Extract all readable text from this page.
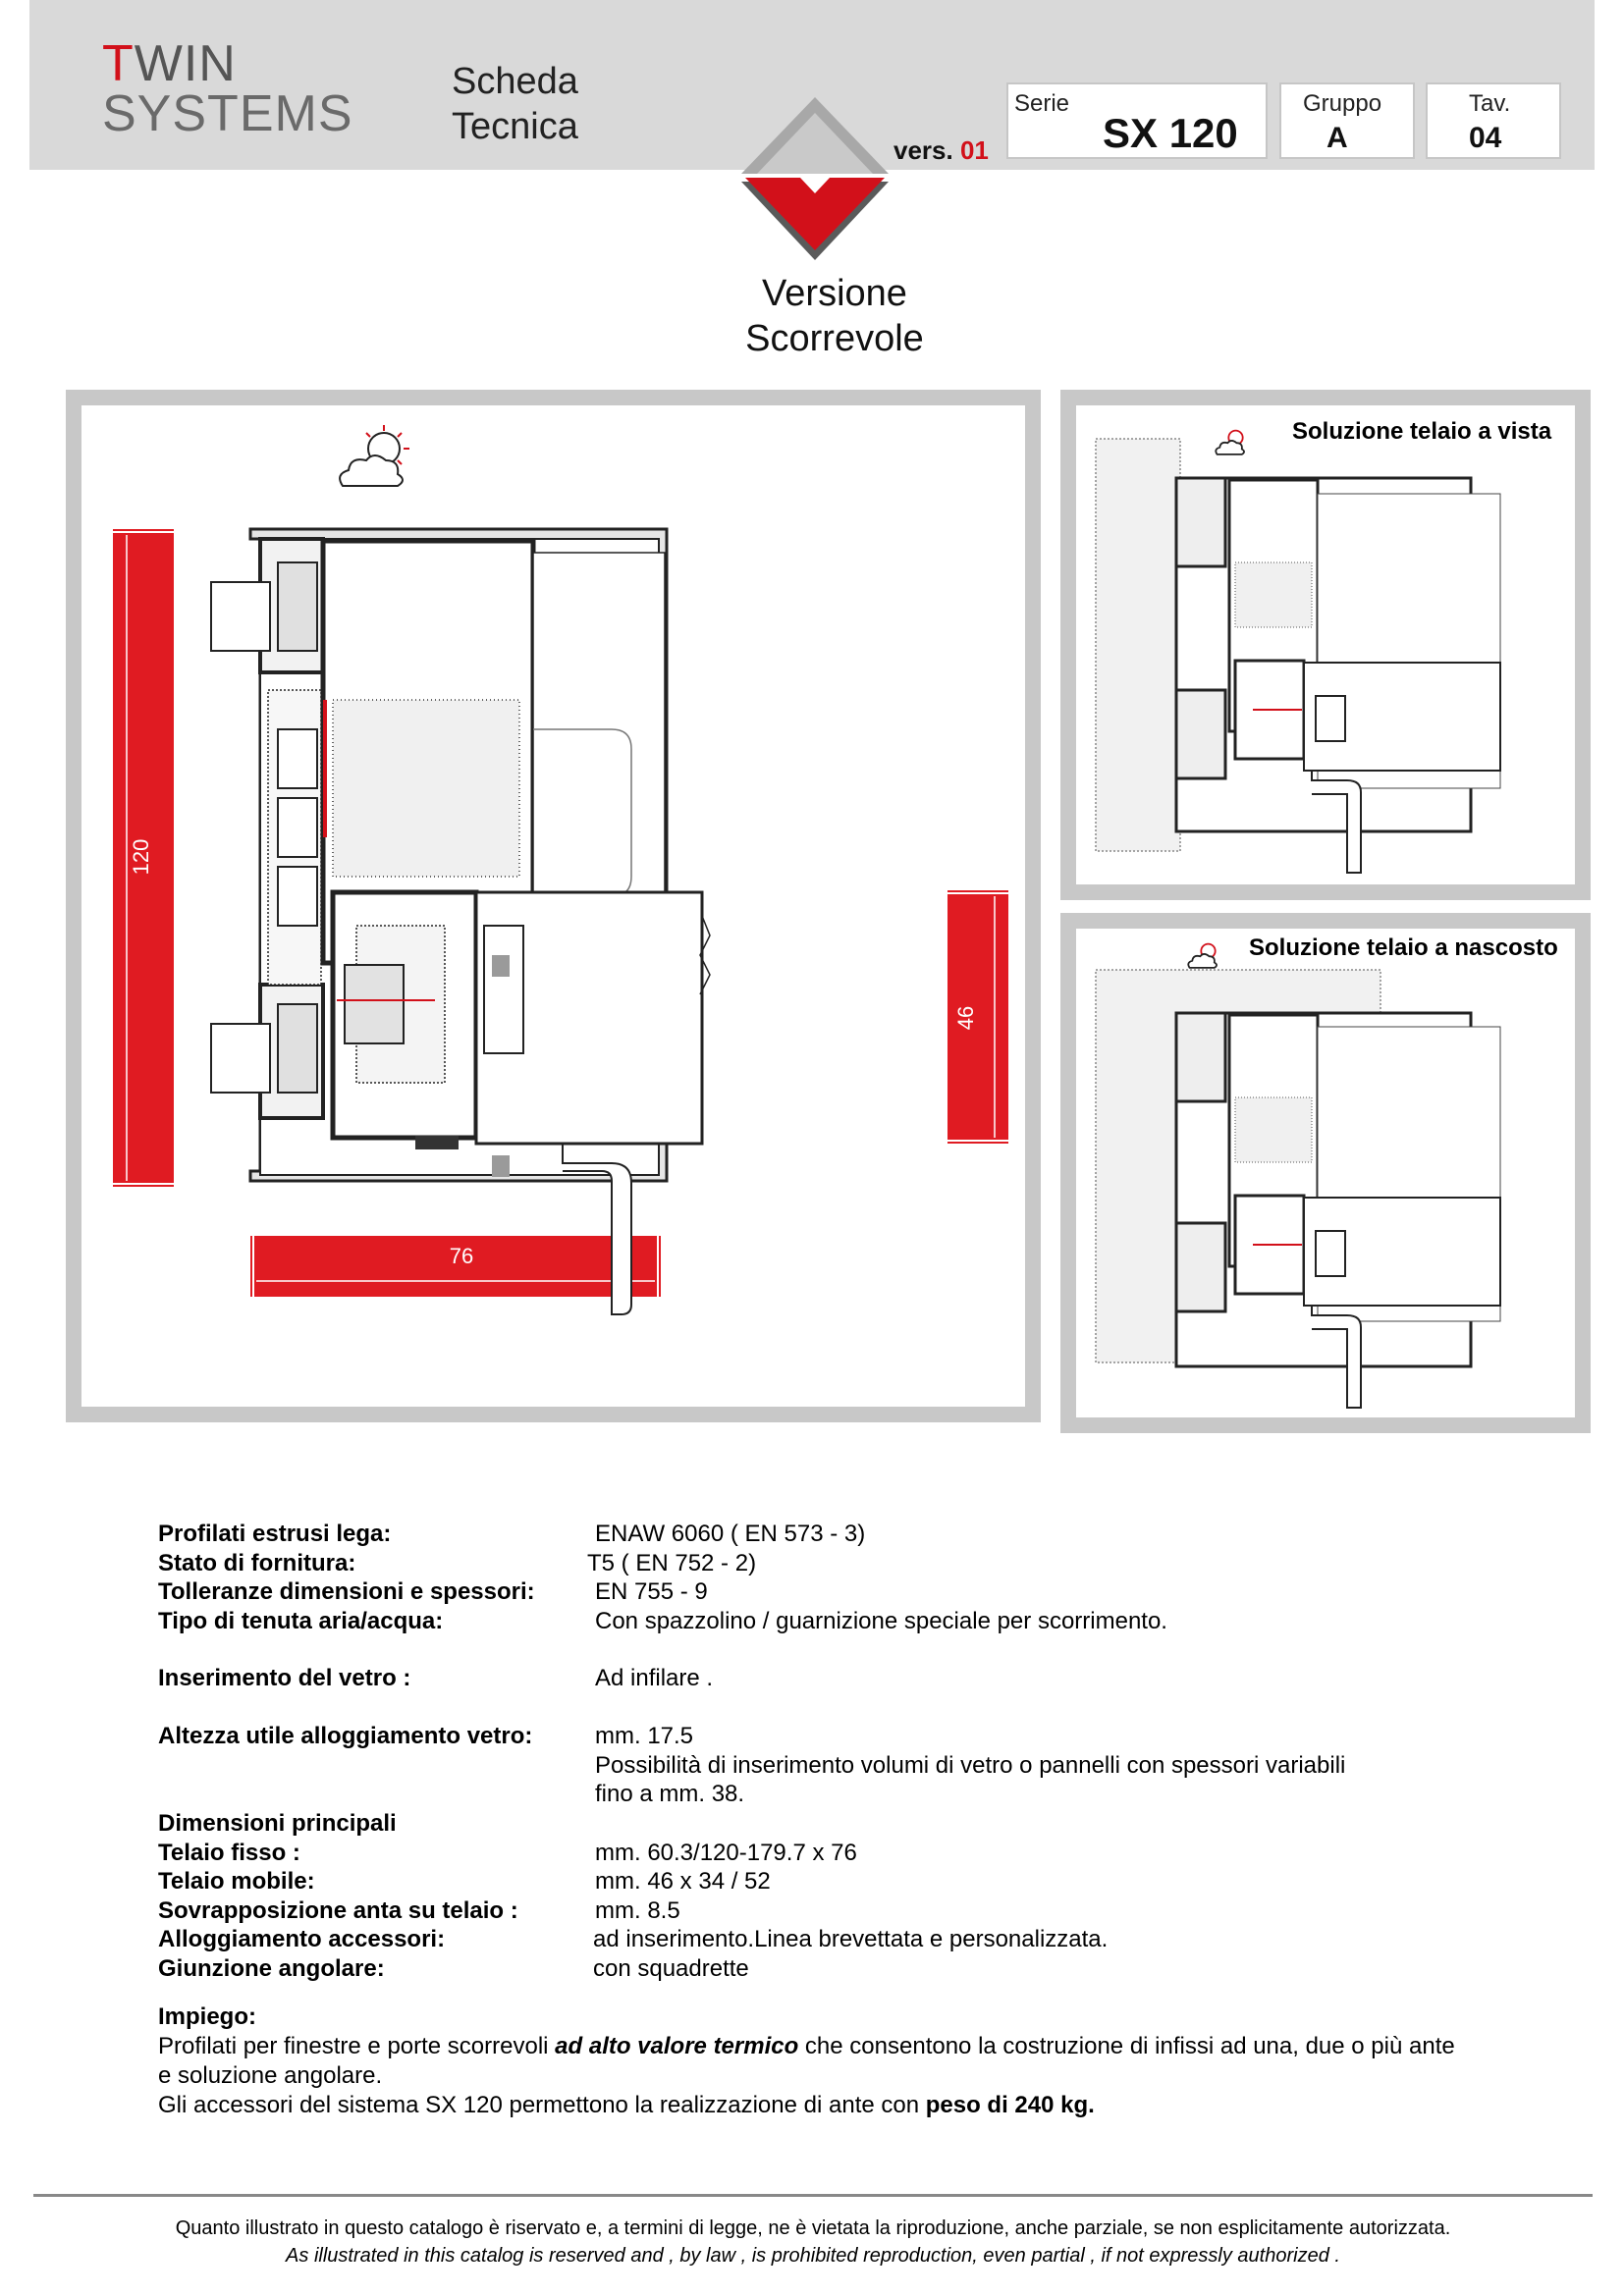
TWIN
SYSTEMS
Scheda
Tecnica
vers. 01
Serie
SX 120
Gruppo
A
Tav.
04
Versione
Scorrevole
120
46
76
Soluzione telaio a vista
Soluzione telaio a nascosto
Profilati estrusi lega:	ENAW 6060 ( EN 573 - 3)
Stato di fornitura:	T5 ( EN 752 - 2)
Tolleranze dimensioni e spessori:	EN 755 - 9
Tipo di tenuta aria/acqua:	Con spazzolino / guarnizione speciale per scorrimento.
Inserimento del vetro :	Ad infilare .
Altezza utile alloggiamento vetro:	mm. 17.5
Possibilità di inserimento volumi di vetro o pannelli con spessori variabili
fino a mm. 38.
Dimensioni principali
Telaio fisso :	mm. 60.3/120-179.7 x 76
Telaio mobile:	mm. 46 x 34 / 52
Sovrapposizione anta su telaio :	mm. 8.5
Alloggiamento accessori:	ad inserimento.Linea brevettata e personalizzata.
Giunzione angolare:	con squadrette
Impiego:
Profilati per finestre e porte scorrevoli ad alto valore termico che consentono la costruzione di infissi ad una, due o più ante
e soluzione angolare.
Gli accessori del sistema SX 120 permettono la realizzazione di ante con peso di 240 kg.
Quanto illustrato in questo catalogo è riservato e, a termini di legge, ne è vietata la riproduzione, anche parziale, se non esplicitamente autorizzata.
As illustrated in this catalog is reserved and , by law , is prohibited reproduction, even partial , if not expressly authorized .
